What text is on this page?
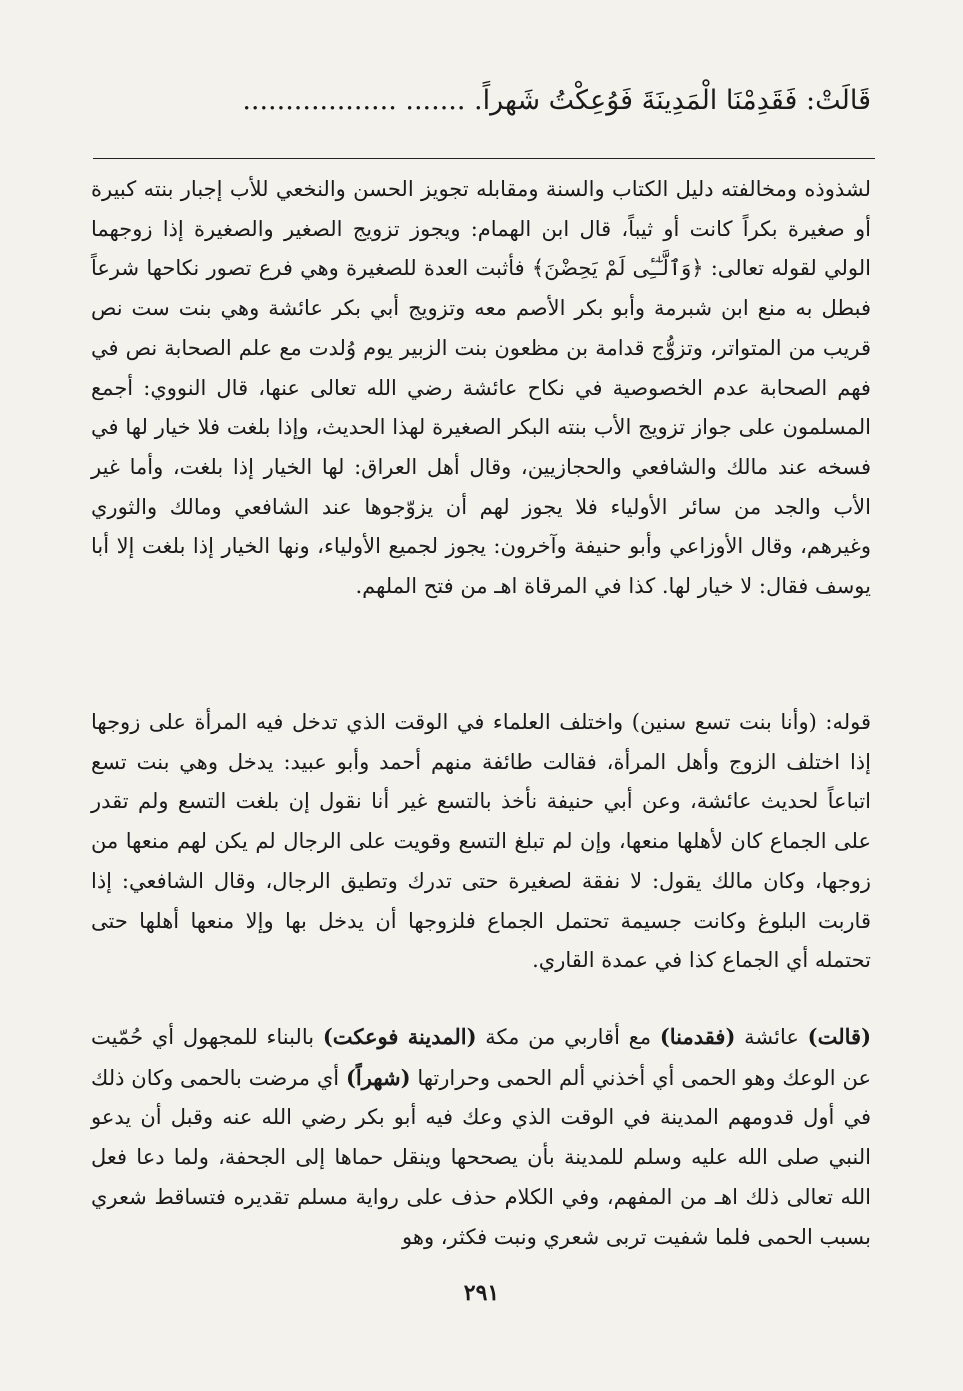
قَالَتْ: فَقَدِمْنَا الْمَدِينَةَ فَوُعِكْتُ شَهراً. ....... ..................

لشذوذه ومخالفته دليل الكتاب والسنة ومقابله تجويز الحسن والنخعي للأب إجبار بنته كبيرة أو صغيرة بكراً كانت أو ثيباً، قال ابن الهمام: ويجوز تزويج الصغير والصغيرة إذا زوجهما الولي لقوله تعالى: ﴿وَٱلَّـٰٓـِٔى لَمْ يَحِضْنَ﴾ فأثبت العدة للصغيرة وهي فرع تصور نكاحها شرعاً فبطل به منع ابن شبرمة وأبو بكر الأصم معه وتزويج أبي بكر عائشة وهي بنت ست نص قريب من المتواتر، وتزوُّج قدامة بن مظعون بنت الزبير يوم وُلدت مع علم الصحابة نص في فهم الصحابة عدم الخصوصية في نكاح عائشة رضي الله تعالى عنها، قال النووي: أجمع المسلمون على جواز تزويج الأب بنته البكر الصغيرة لهذا الحديث، وإذا بلغت فلا خيار لها في فسخه عند مالك والشافعي والحجازيين، وقال أهل العراق: لها الخيار إذا بلغت، وأما غير الأب والجد من سائر الأولياء فلا يجوز لهم أن يزوّجوها عند الشافعي ومالك والثوري وغيرهم، وقال الأوزاعي وأبو حنيفة وآخرون: يجوز لجميع الأولياء، ونها الخيار إذا بلغت إلا أبا يوسف فقال: لا خيار لها. كذا في المرقاة اهـ من فتح الملهم.

قوله: (وأنا بنت تسع سنين) واختلف العلماء في الوقت الذي تدخل فيه المرأة على زوجها إذا اختلف الزوج وأهل المرأة، فقالت طائفة منهم أحمد وأبو عبيد: يدخل وهي بنت تسع اتباعاً لحديث عائشة، وعن أبي حنيفة نأخذ بالتسع غير أنا نقول إن بلغت التسع ولم تقدر على الجماع كان لأهلها منعها، وإن لم تبلغ التسع وقويت على الرجال لم يكن لهم منعها من زوجها، وكان مالك يقول: لا نفقة لصغيرة حتى تدرك وتطيق الرجال، وقال الشافعي: إذا قاربت البلوغ وكانت جسيمة تحتمل الجماع فلزوجها أن يدخل بها وإلا منعها أهلها حتى تحتمله أي الجماع كذا في عمدة القاري.

(قالت) عائشة (فقدمنا) مع أقاربي من مكة (المدينة فوعكت) بالبناء للمجهول أي حُمّيت عن الوعك وهو الحمى أي أخذني ألم الحمى وحرارتها (شهراً) أي مرضت بالحمى وكان ذلك في أول قدومهم المدينة في الوقت الذي وعك فيه أبو بكر رضي الله عنه وقبل أن يدعو النبي صلى الله عليه وسلم للمدينة بأن يصححها وينقل حماها إلى الجحفة، ولما دعا فعل الله تعالى ذلك اهـ من المفهم، وفي الكلام حذف على رواية مسلم تقديره فتساقط شعري بسبب الحمى فلما شفيت تربى شعري ونبت فكثر، وهو

٢٩١
